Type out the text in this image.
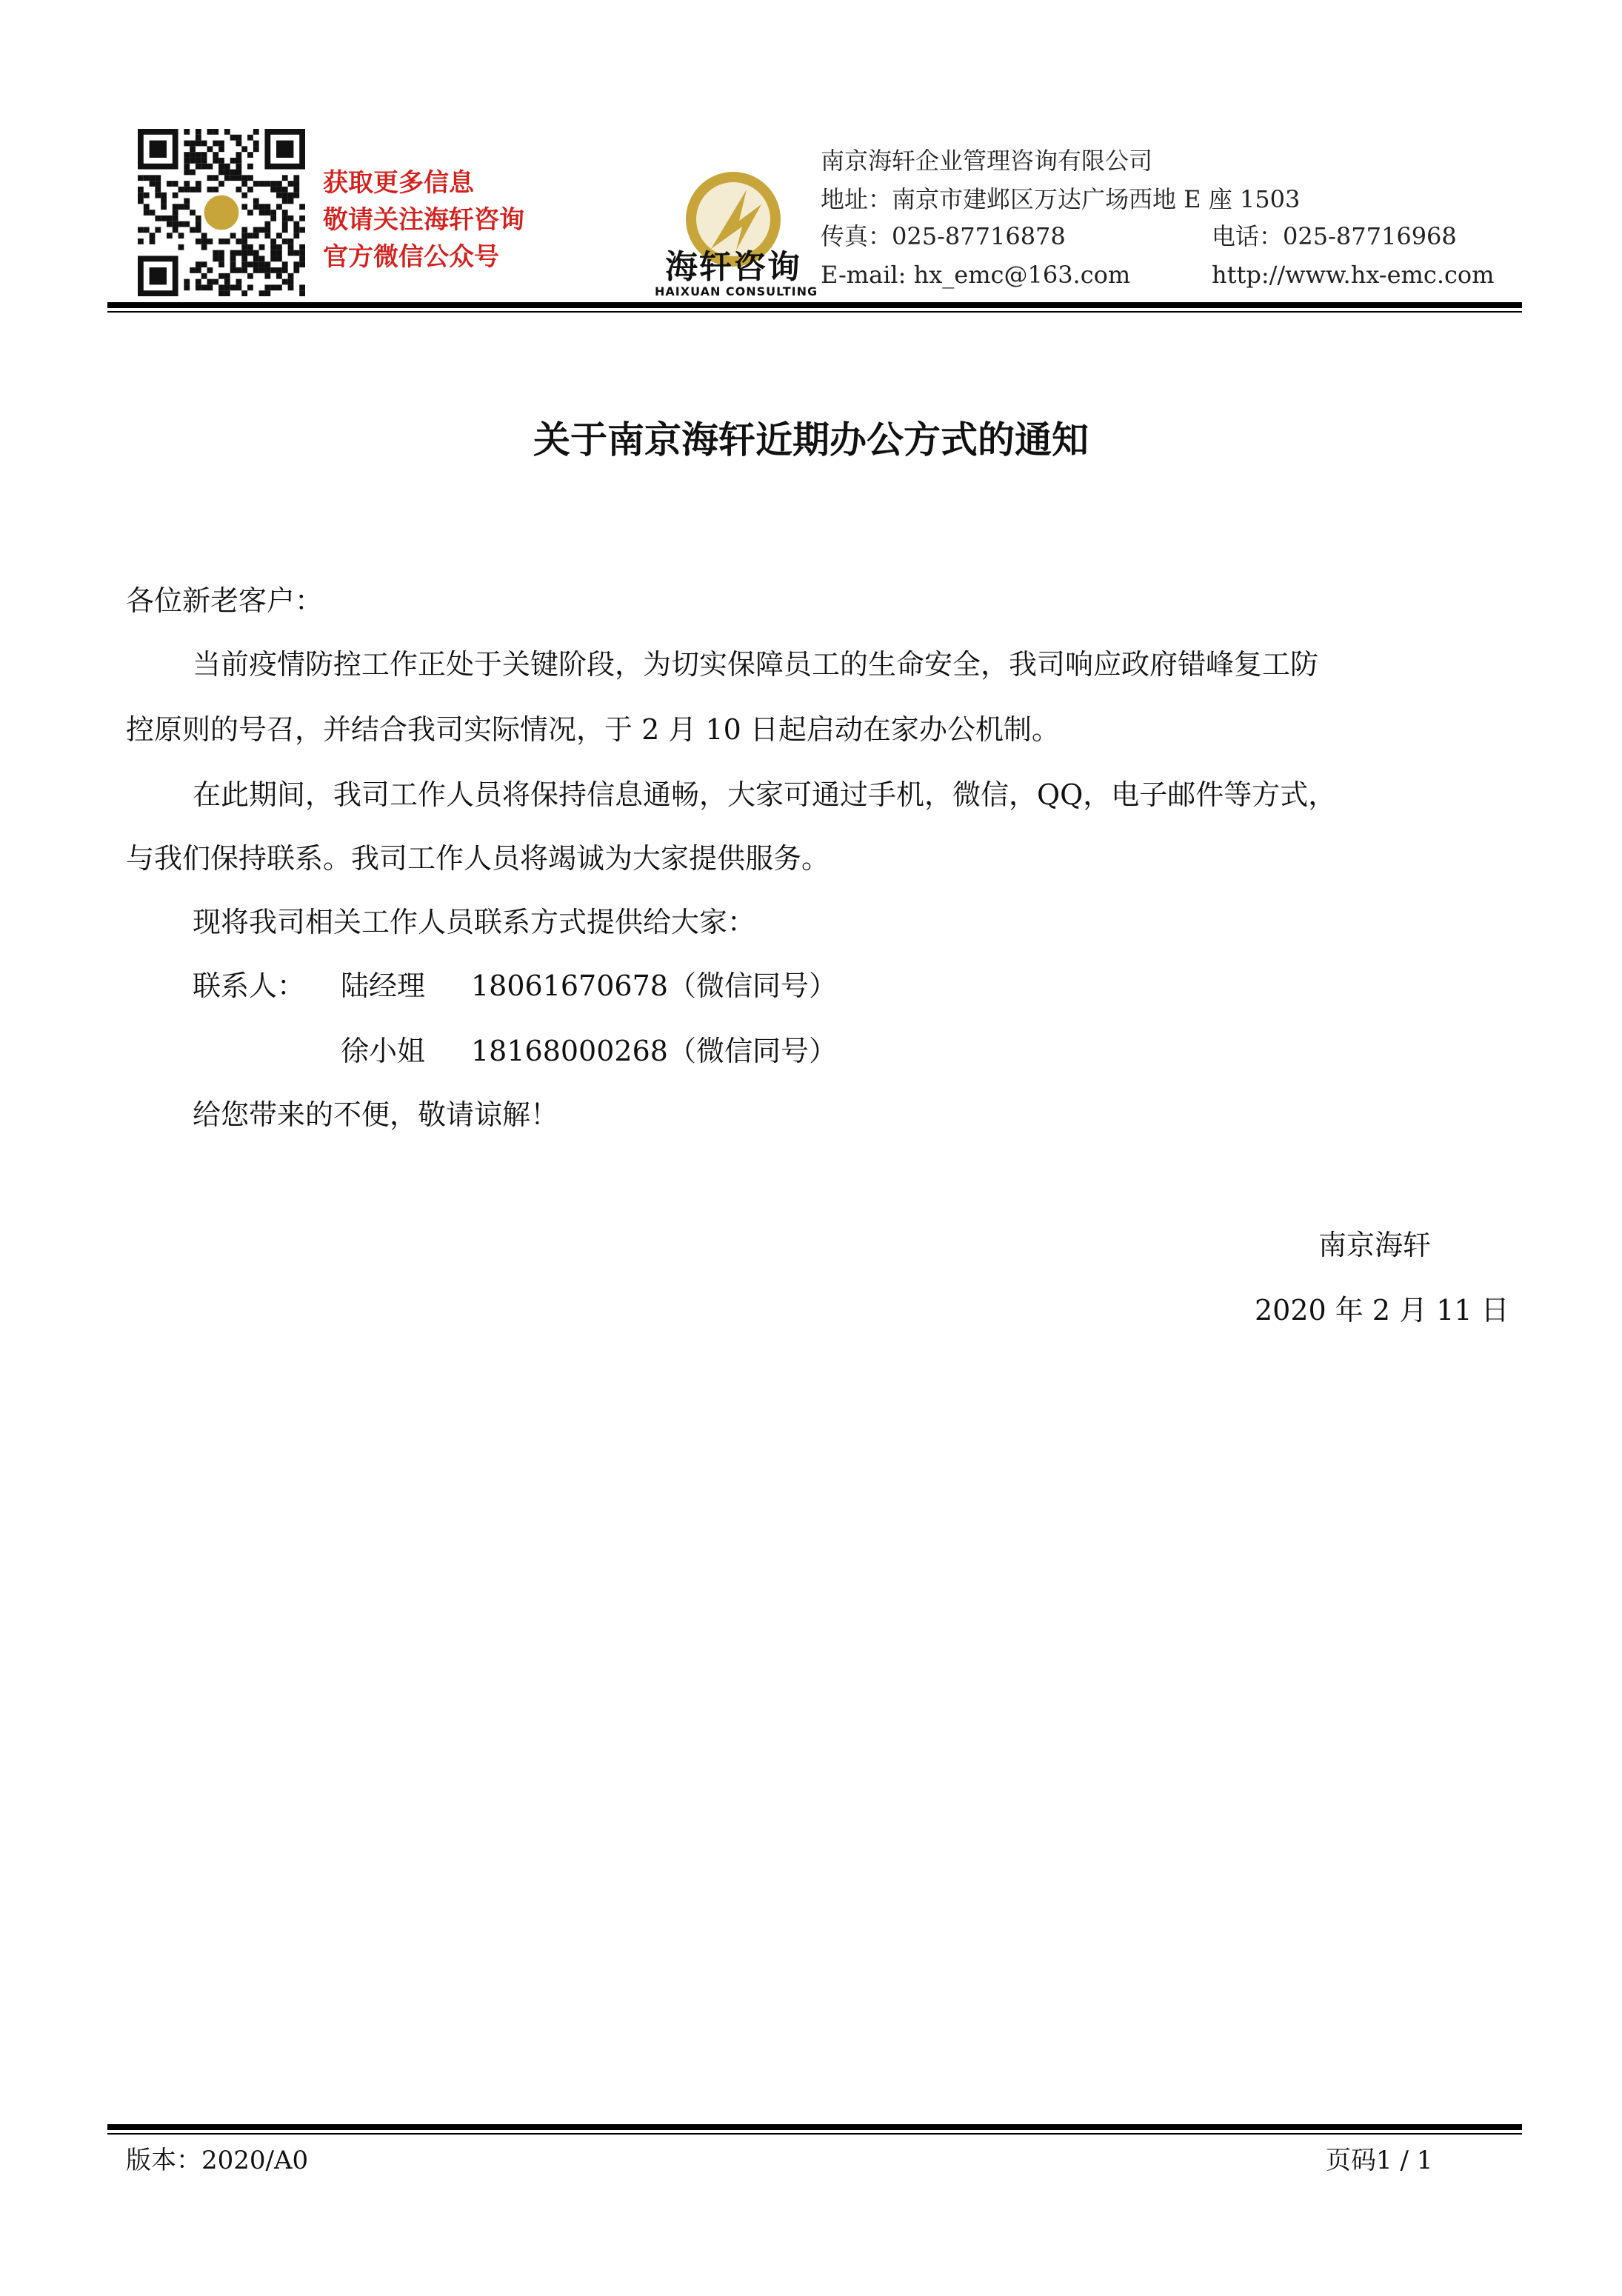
获取更多信息
敬请关注海轩咨询
官方微信公众号	海轩咨询
HAIXUAN CONSULTING
南京海轩企业管理咨询有限公司
地址：南京市建邺区万达广场西地 E 座 1503
传真：025-87716878	电话：025-87716968
E-mail: hx_emc@163.com	http://www.hx-emc.com
关于南京海轩近期办公方式的通知
各位新老客户：
当前疫情防控工作正处于关键阶段，为切实保障员工的生命安全，我司响应政府错峰复工防
控原则的号召，并结合我司实际情况，于 2 月 10 日起启动在家办公机制。
在此期间，我司工作人员将保持信息通畅，大家可通过手机，微信，QQ，电子邮件等方式，
与我们保持联系。我司工作人员将竭诚为大家提供服务。
现将我司相关工作人员联系方式提供给大家：
联系人： 陆经理 18061670678（微信同号）
徐小姐 18168000268（微信同号）
给您带来的不便，敬请谅解！
南京海轩
2020 年 2 月 11 日
版本：2020/A0	页码1 / 1
